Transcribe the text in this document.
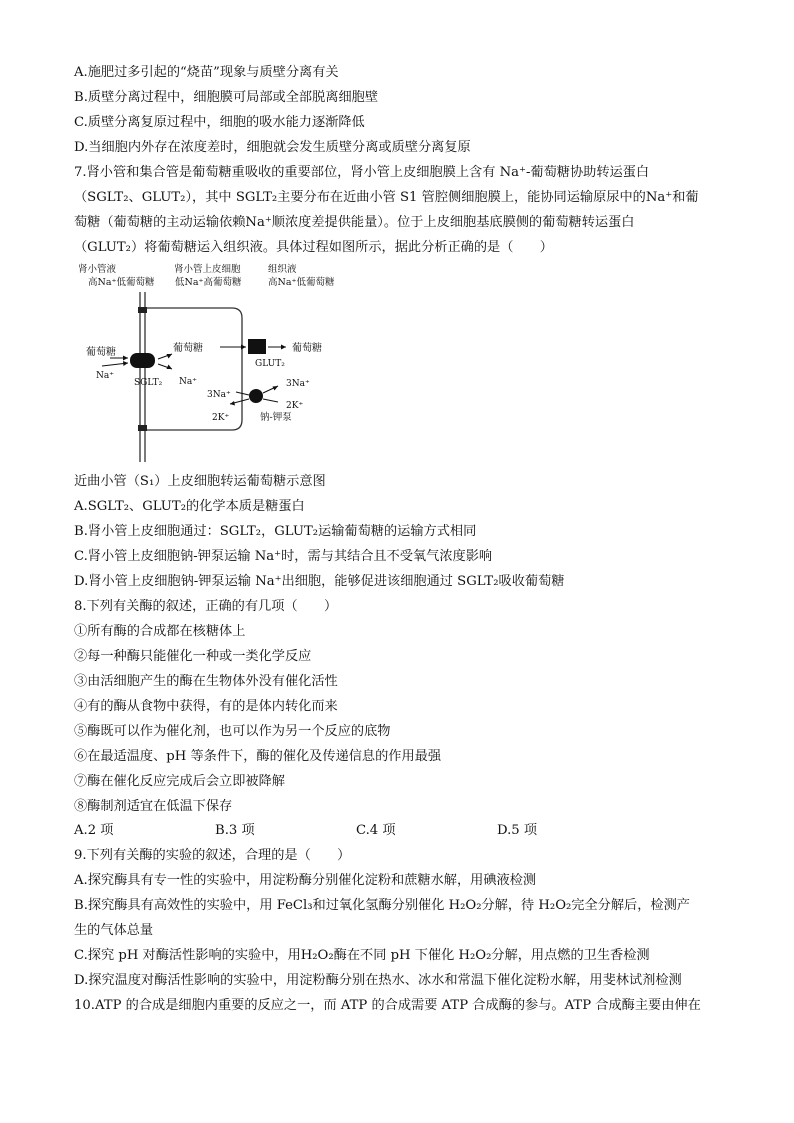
A.施肥过多引起的“烧苗”现象与质壁分离有关
B.质壁分离过程中，细胞膜可局部或全部脱离细胞壁
C.质壁分离复原过程中，细胞的吸水能力逐渐降低
D.当细胞内外存在浓度差时，细胞就会发生质壁分离或质壁分离复原
7.肾小管和集合管是葡萄糖重吸收的重要部位，肾小管上皮细胞膜上含有 Na⁺-葡萄糖协助转运蛋白
（SGLT₂、GLUT₂），其中 SGLT₂主要分布在近曲小管 S1 管腔侧细胞膜上，能协同运输原尿中的Na⁺和葡
萄糖（葡萄糖的主动运输依赖Na⁺顺浓度差提供能量）。位于上皮细胞基底膜侧的葡萄糖转运蛋白
（GLUT₂）将葡萄糖运入组织液。具体过程如图所示，据此分析正确的是（　　）
肾小管液
高Na⁺低葡萄糖
肾小管上皮细胞
低Na⁺高葡萄糖
组织液
高Na⁺低葡萄糖
葡萄糖	葡萄糖	葡萄糖
Na⁺
Na⁺
SGLT₂
GLUT₂
3Na⁺
2K⁺
3Na⁺
2K⁺	钠-钾泵
近曲小管（S₁）上皮细胞转运葡萄糖示意图
A.SGLT₂、GLUT₂的化学本质是糖蛋白
B.肾小管上皮细胞通过：SGLT₂，GLUT₂运输葡萄糖的运输方式相同
C.肾小管上皮细胞钠-钾泵运输 Na⁺时，需与其结合且不受氧气浓度影响
D.肾小管上皮细胞钠-钾泵运输 Na⁺出细胞，能够促进该细胞通过 SGLT₂吸收葡萄糖
8.下列有关酶的叙述，正确的有几项（　　）
①所有酶的合成都在核糖体上
②每一种酶只能催化一种或一类化学反应
③由活细胞产生的酶在生物体外没有催化活性
④有的酶从食物中获得，有的是体内转化而来
⑤酶既可以作为催化剂，也可以作为另一个反应的底物
⑥在最适温度、pH 等条件下，酶的催化及传递信息的作用最强
⑦酶在催化反应完成后会立即被降解
⑧酶制剂适宜在低温下保存
A.2 项	B.3 项	C.4 项	D.5 项
9.下列有关酶的实验的叙述，合理的是（　　）
A.探究酶具有专一性的实验中，用淀粉酶分别催化淀粉和蔗糖水解，用碘液检测
B.探究酶具有高效性的实验中，用 FeCl₃和过氧化氢酶分别催化 H₂O₂分解，待 H₂O₂完全分解后，检测产
生的气体总量
C.探究 pH 对酶活性影响的实验中，用H₂O₂酶在不同 pH 下催化 H₂O₂分解，用点燃的卫生香检测
D.探究温度对酶活性影响的实验中，用淀粉酶分别在热水、冰水和常温下催化淀粉水解，用斐林试剂检测
10.ATP 的合成是细胞内重要的反应之一，而 ATP 的合成需要 ATP 合成酶的参与。ATP 合成酶主要由伸在
